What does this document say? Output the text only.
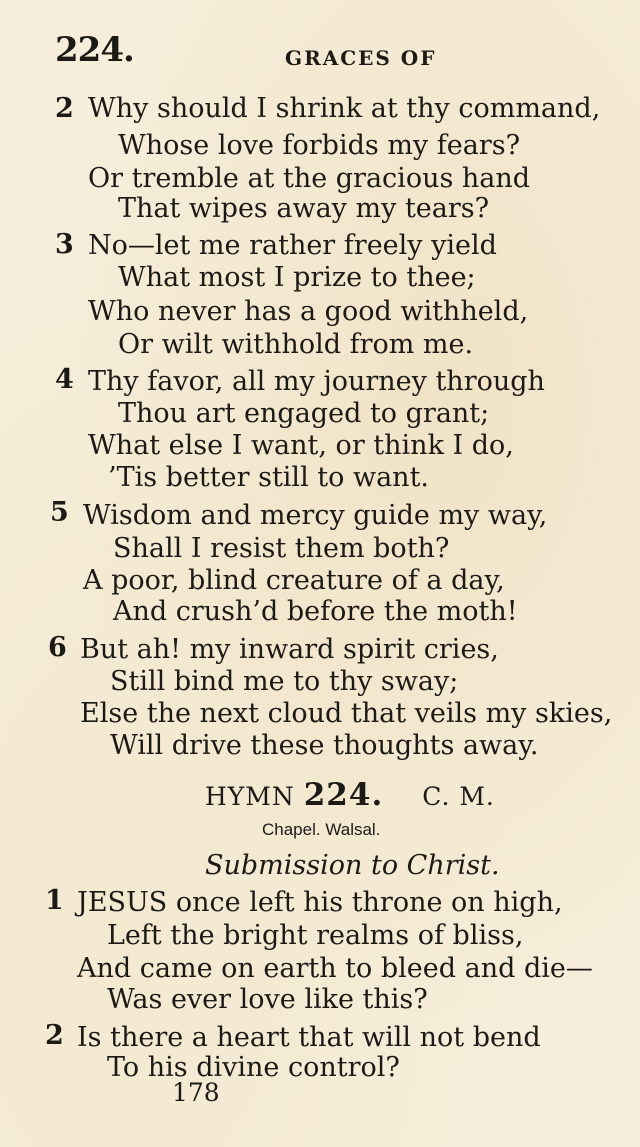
224.	GRACES OF
2 Why should I shrink at thy command,
Whose love forbids my fears?
Or tremble at the gracious hand
That wipes away my tears?
3 No—let me rather freely yield
What most I prize to thee;
Who never has a good withheld,
Or wilt withhold from me.
4 Thy favor, all my journey through
Thou art engaged to grant;
What else I want, or think I do,
’Tis better still to want.
5 Wisdom and mercy guide my way,
Shall I resist them both?
A poor, blind creature of a day,
And crush’d before the moth!
6 But ah! my inward spirit cries,
Still bind me to thy sway;
Else the next cloud that veils my skies,
Will drive these thoughts away.
HYMN 224. C. M.
Chapel. Walsal.
Submission to Christ.
1 JESUS once left his throne on high,
Left the bright realms of bliss,
And came on earth to bleed and die—
Was ever love like this?
2 Is there a heart that will not bend
To his divine control?
178
